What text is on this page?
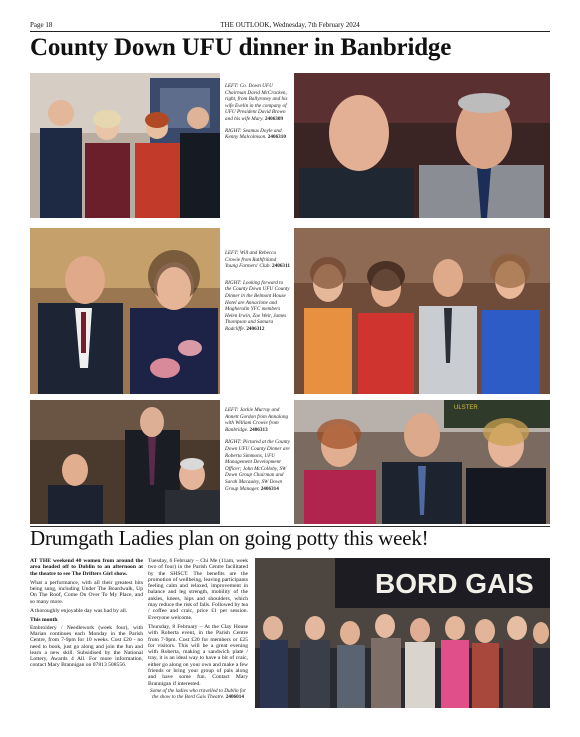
Page 18	THE OUTLOOK, Wednesday, 7th February 2024
County Down UFU dinner in Banbridge

LEFT: Co. Down UFU Chairman David McCracken, right, from Ballyroney and his wife Evelin in the company of UFU President David Brown and his wife Mary. 2406309

RIGHT: Seamus Doyle and Kenny Malcolmson. 2406310

LEFT: Will and Rebecca Crowie from Rathfriland Young Farmers' Club. 2406311

RIGHT: Looking forward to the County Down UFU County Dinner in the Belmont House Hotel are Annaclone and Magheralin YFC members Helen Irwin, Zoe Weir, James Thompson and Samara Radcliffe. 2406312

LEFT: Jackie Murray and Annett Gordon from Annalong with William Crowie from Banbridge. 2406313

RIGHT: Pictured at the County Down UFU County Dinner are Roberta Simmons, UFU Management Development Officer; John McColloby, SW Down Group Chairman and Sarah Macauley, SW Down Group Manager. 2406314

ULSTER
Drumgath Ladies plan on going potty this week!

AT THE weekend 40 women from around the area headed off to Dublin to an afternoon at the theatre to see The Drifters Girl show.

What a performance, with all their greatest hits being sung, including Under The Boardwalk, Up On The Roof, Come On Over To My Place, and so many more.

A thoroughly enjoyable day was had by all.

This month

Embroidery / Needlework (week four), with Marian continues each Monday in the Parish Centre, from 7-9pm for 10 weeks. Cost £20 - no need to book, just go along and join the fun and learn a new skill. Subsidised by the National Lottery, Awards 4 All. For more information, contact Mary Brannigan on 07813 508556.

Tuesday, 6 February – Chi Me (11am, week two of four) in the Parish Centre facilitated by the SHSCT. The benefits are the promotion of wellbeing, leaving participants feeling calm and relaxed, improvement in balance and leg strength, mobility of the ankles, knees, hips and shoulders, which may reduce the risk of falls. Followed by tea / coffee and craic, price £1 per session. Everyone welcome.

Thursday, 8 February – At the Clay House with Roberta event, in the Parish Centre from 7-9pm. Cost £20 for members or £25 for visitors. This will be a great evening with Roberta, making a sandwich plate / tray, it is an ideal way to have a bit of craic, either go along on your own and make a few friends or bring your group of pals along and have some fun. Contact Mary Brannigan if interested.

BORD GAIS
Some of the ladies who travelled to Dublin for the show to the Bord Gais Theatre. 2406014
